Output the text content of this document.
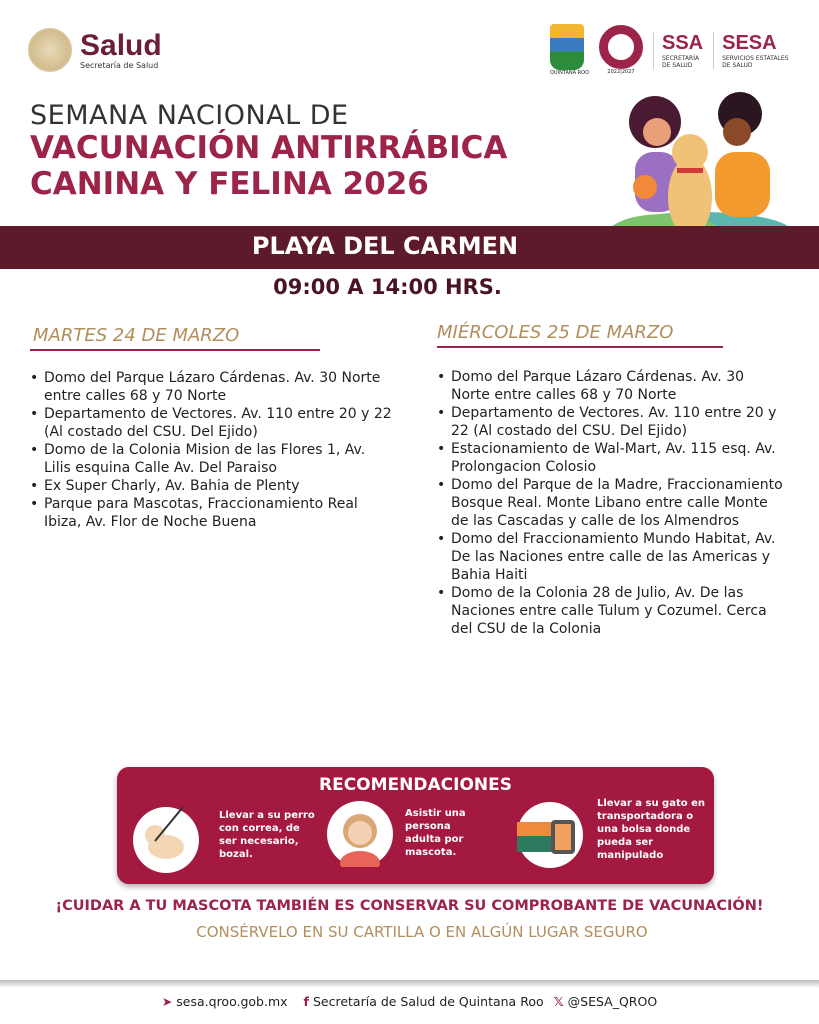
Salud
Secretaría de Salud
QUINTANA ROO	2022|2027
SSA
SECRETARÍA
DE SALUD
SESA
SERVICIOS ESTATALES
DE SALUD
SEMANA NACIONAL DE
VACUNACIÓN ANTIRRÁBICA
CANINA Y FELINA 2026
PLAYA DEL CARMEN
09:00 A 14:00 HRS.
MARTES 24 DE MARZO
• Domo del Parque Lázaro Cárdenas. Av. 30 Norte entre calles 68 y 70 Norte
• Departamento de Vectores. Av. 110 entre 20 y 22 (Al costado del CSU. Del Ejido)
• Domo de la Colonia Mision de las Flores 1, Av. Lilis esquina Calle Av. Del Paraiso
• Ex Super Charly, Av. Bahia de Plenty
• Parque para Mascotas, Fraccionamiento Real Ibiza, Av. Flor de Noche Buena
MIÉRCOLES 25 DE MARZO
• Domo del Parque Lázaro Cárdenas. Av. 30 Norte entre calles 68 y 70 Norte
• Departamento de Vectores. Av. 110 entre 20 y 22 (Al costado del CSU. Del Ejido)
• Estacionamiento de Wal-Mart, Av. 115 esq. Av. Prolongacion Colosio
• Domo del Parque de la Madre, Fraccionamiento Bosque Real. Monte Libano entre calle Monte de las Cascadas y calle de los Almendros
• Domo del Fraccionamiento Mundo Habitat, Av. De las Naciones entre calle de las Americas y Bahia Haiti
• Domo de la Colonia 28 de Julio, Av. De las Naciones entre calle Tulum y Cozumel. Cerca del CSU de la Colonia
RECOMENDACIONES
Llevar a su perro con correa, de ser necesario, bozal.
Asistir una persona adulta por mascota.
Llevar a su gato en transportadora o una bolsa donde pueda ser manipulado
¡CUIDAR A TU MASCOTA TAMBIÉN ES CONSERVAR SU COMPROBANTE DE VACUNACIÓN!
CONSÉRVELO EN SU CARTILLA O EN ALGÚN LUGAR SEGURO
➤ sesa.qroo.gob.mx f Secretaría de Salud de Quintana Roo 𝕏 @SESA_QROO
